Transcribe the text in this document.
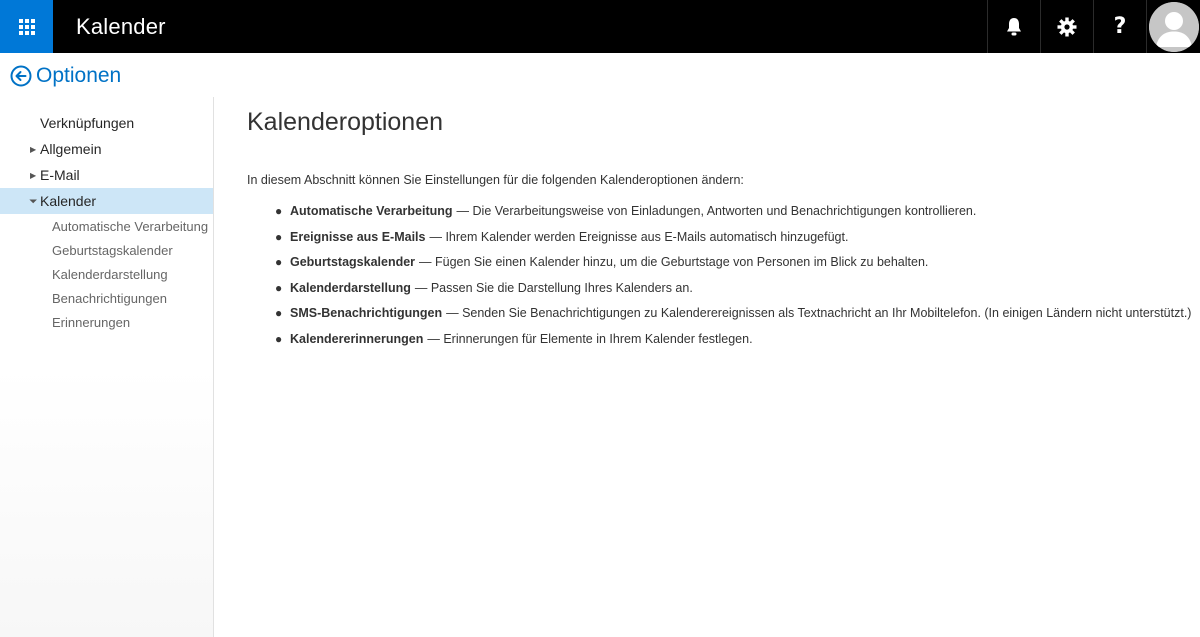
Kalender	?
Optionen
Verknüpfungen
▶ Allgemein
▶ E-Mail
◢ Kalender
Automatische Verarbeitung
Geburtstagskalender
Kalenderdarstellung
Benachrichtigungen
Erinnerungen
Kalenderoptionen

In diesem Abschnitt können Sie Einstellungen für die folgenden Kalenderoptionen ändern:

● Automatische Verarbeitung — Die Verarbeitungsweise von Einladungen, Antworten und Benachrichtigungen kontrollieren.
● Ereignisse aus E-Mails — Ihrem Kalender werden Ereignisse aus E-Mails automatisch hinzugefügt.
● Geburtstagskalender — Fügen Sie einen Kalender hinzu, um die Geburtstage von Personen im Blick zu behalten.
● Kalenderdarstellung — Passen Sie die Darstellung Ihres Kalenders an.
● SMS-Benachrichtigungen — Senden Sie Benachrichtigungen zu Kalenderereignissen als Textnachricht an Ihr Mobiltelefon. (In einigen Ländern nicht unterstützt.)
● Kalendererinnerungen — Erinnerungen für Elemente in Ihrem Kalender festlegen.
